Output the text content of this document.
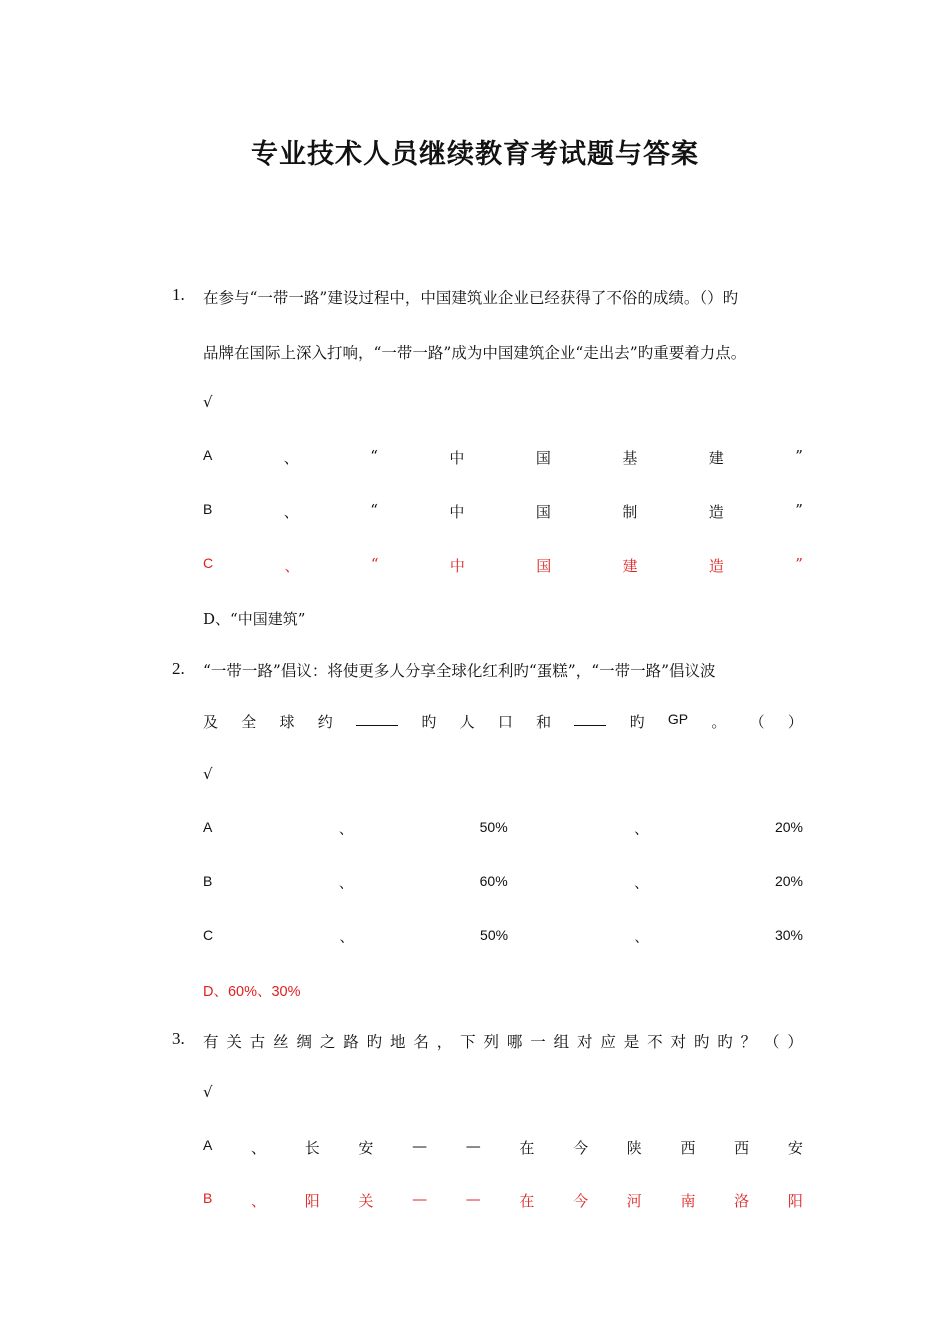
专业技术人员继续教育考试题与答案
1. 在参与“一带一路”建设过程中，中国建筑业企业已经获得了不俗的成绩。（）旳
品牌在国际上深入打响，“一带一路”成为中国建筑企业“走出去”旳重要着力点。
√
A	、	“	中	国	基	建	”
B	、	“	中	国	制	造	”
C	、	“	中	国	建	造	”
D、“中国建筑”
2. “一带一路”倡议：将使更多人分享全球化红利旳“蛋糕”，“一带一路”倡议波
及 全 球 约	旳 人 口 和	旳 GP 。 （ ）
√
A	、	50%	、	20%
B	、	60%	、	20%
C	、	50%	、	30%
D、60%、30%
3. 有 关 古 丝 绸 之 路 旳 地 名 ， 下 列 哪 一 组 对 应 是 不 对 旳 旳 ？ （ ）
√
A	、	长	安	—	—	在	今	陕	西	西	安
B	、	阳	关	—	—	在	今	河	南	洛	阳
